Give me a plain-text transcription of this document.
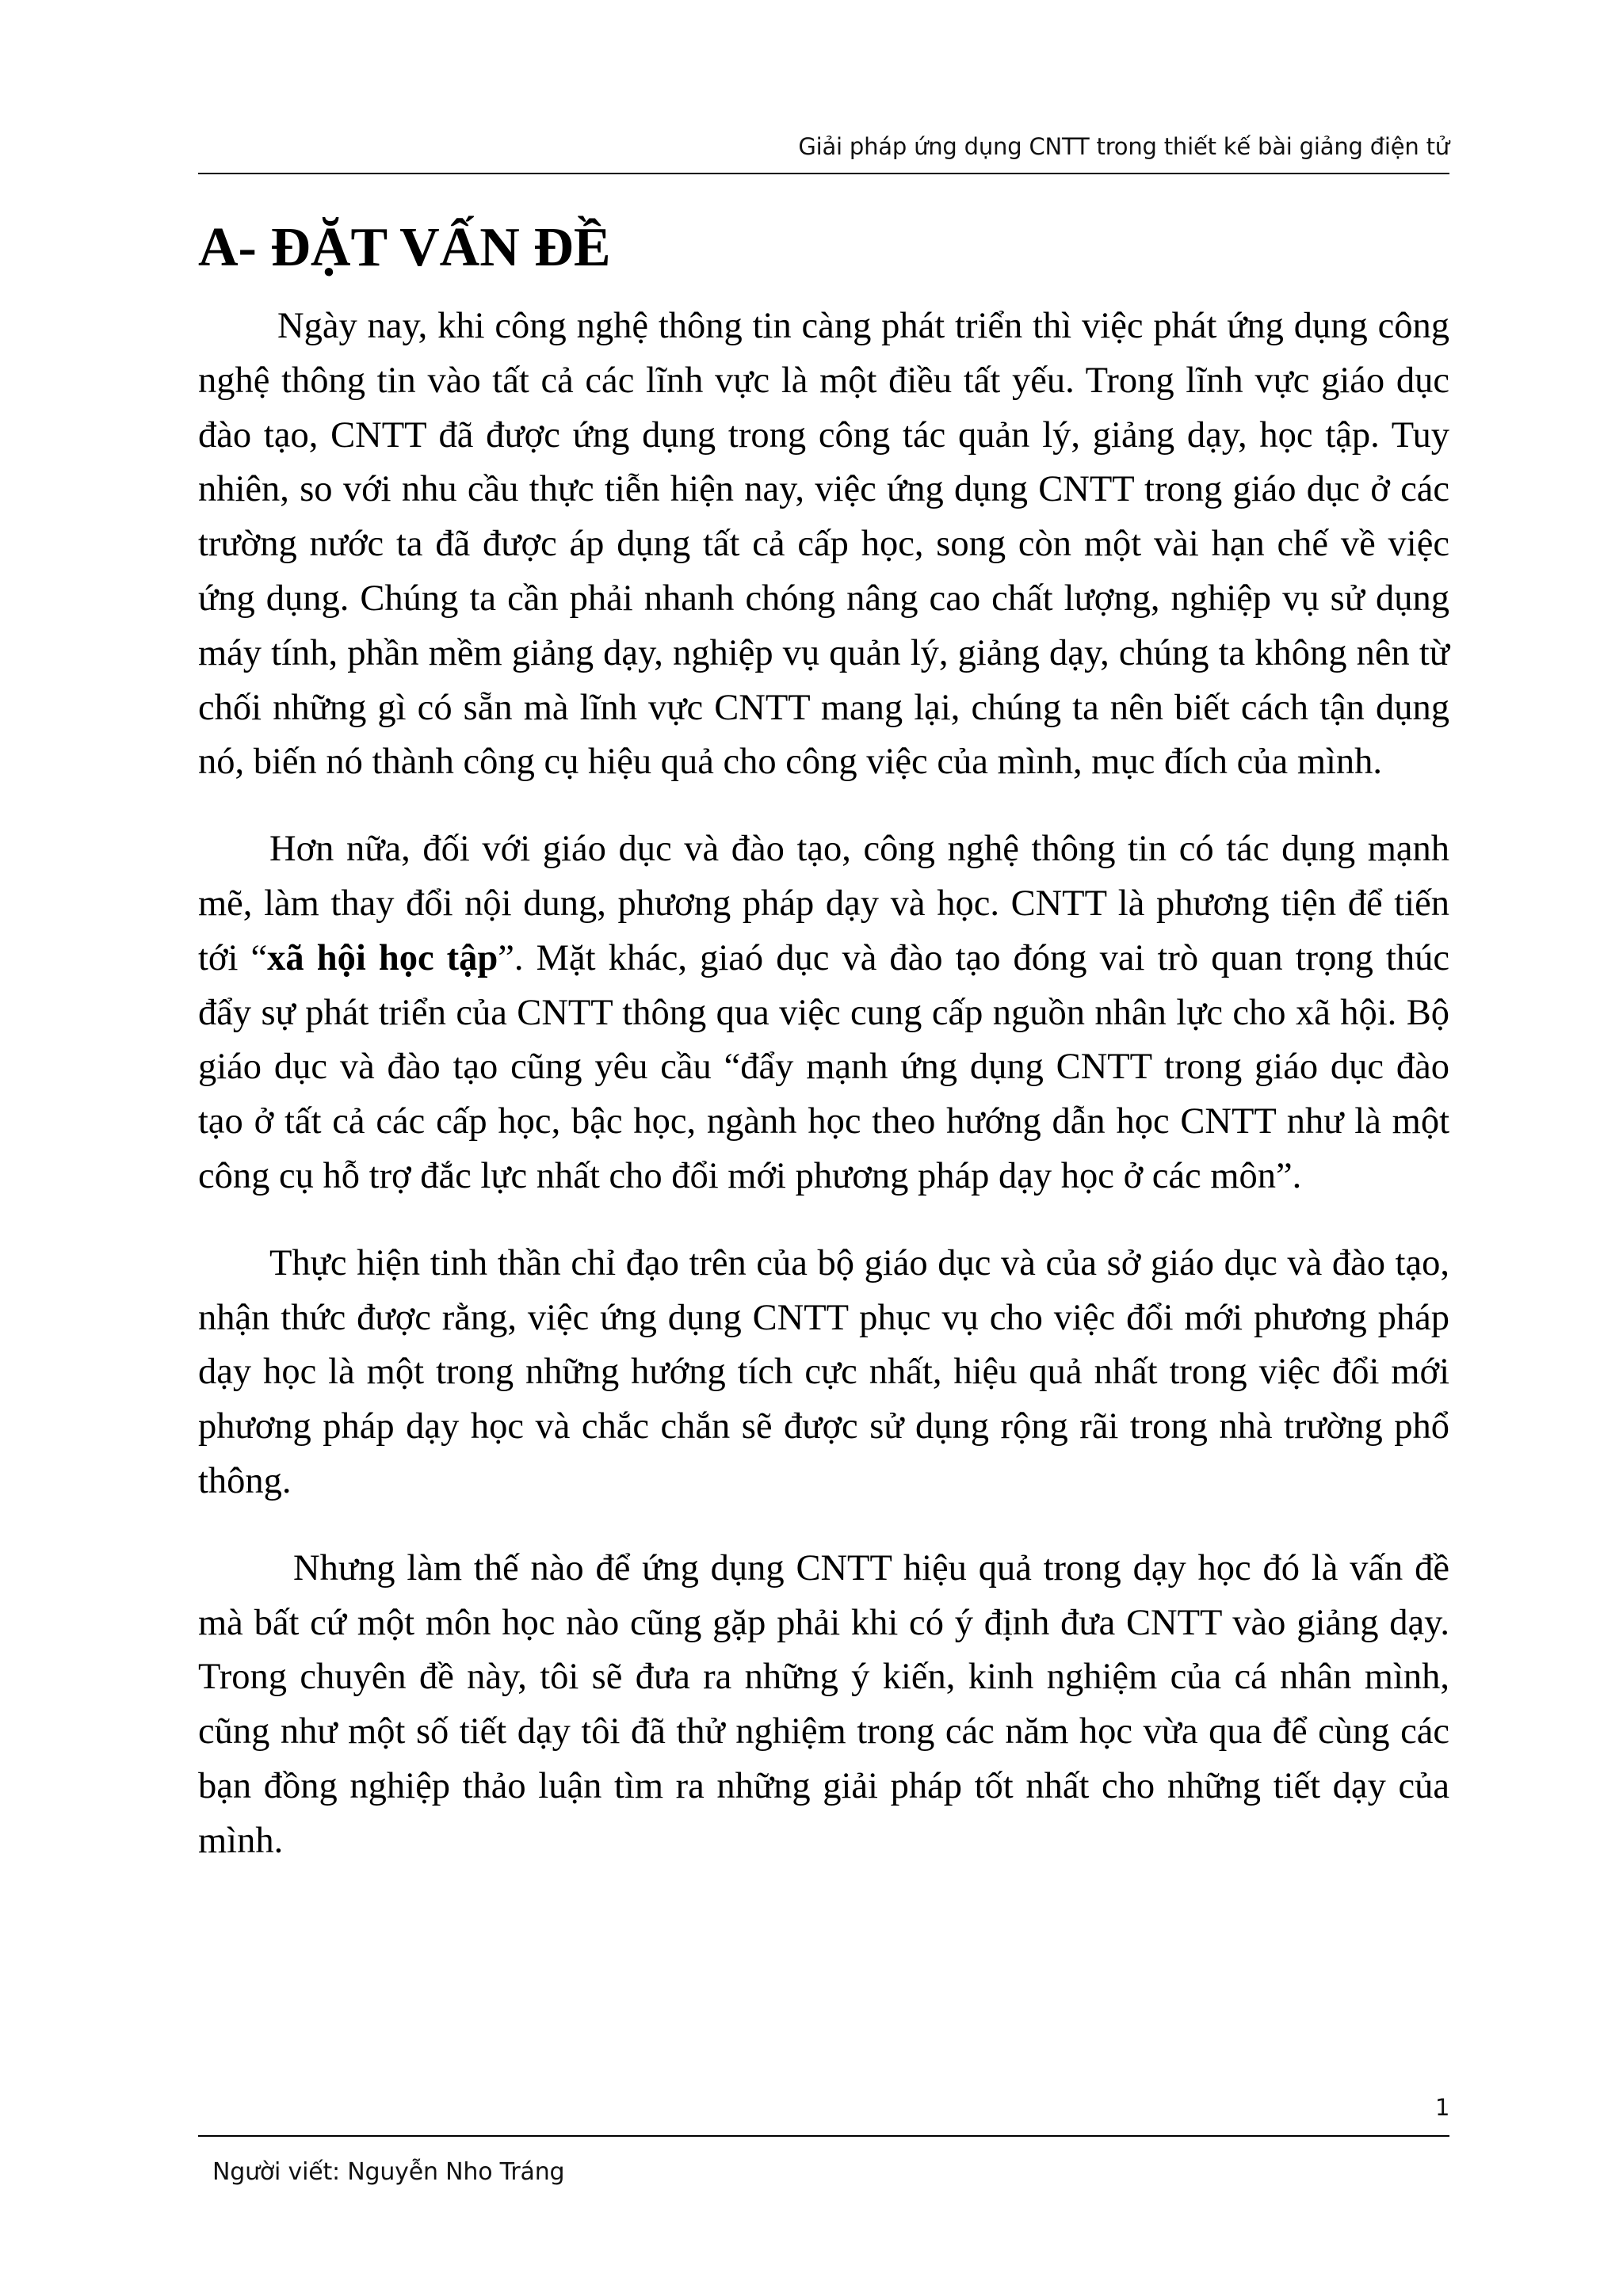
Giải pháp ứng dụng CNTT trong thiết kế bài giảng điện tử
A- ĐẶT VẤN ĐỀ

Ngày nay, khi công nghệ thông tin càng phát triển thì việc phát ứng dụng công nghệ thông tin vào tất cả các lĩnh vực là một điều tất yếu. Trong lĩnh vực giáo dục đào tạo, CNTT đã được ứng dụng trong công tác quản lý, giảng dạy, học tập. Tuy nhiên, so với nhu cầu thực tiễn hiện nay, việc ứng dụng CNTT trong giáo dục ở các trường nước ta đã được áp dụng tất cả cấp học, song còn một vài hạn chế về việc ứng dụng. Chúng ta cần phải nhanh chóng nâng cao chất lượng, nghiệp vụ sử dụng máy tính, phần mềm giảng dạy, nghiệp vụ quản lý, giảng dạy, chúng ta không nên từ chối những gì có sẵn mà lĩnh vực CNTT mang lại, chúng ta nên biết cách tận dụng nó, biến nó thành công cụ hiệu quả cho công việc của mình, mục đích của mình.

Hơn nữa, đối với giáo dục và đào tạo, công nghệ thông tin có tác dụng mạnh mẽ, làm thay đổi nội dung, phương pháp dạy và học. CNTT là phương tiện để tiến tới “xã hội học tập”. Mặt khác, giaó dục và đào tạo đóng vai trò quan trọng thúc đẩy sự phát triển của CNTT thông qua việc cung cấp nguồn nhân lực cho xã hội. Bộ giáo dục và đào tạo cũng yêu cầu “đẩy mạnh ứng dụng CNTT trong giáo dục đào tạo ở tất cả các cấp học, bậc học, ngành học theo hướng dẫn học CNTT như là một công cụ hỗ trợ đắc lực nhất cho đổi mới phương pháp dạy học ở các môn”.

Thực hiện tinh thần chỉ đạo trên của bộ giáo dục và của sở giáo dục và đào tạo, nhận thức được rằng, việc ứng dụng CNTT phục vụ cho việc đổi mới phương pháp dạy học là một trong những hướng tích cực nhất, hiệu quả nhất trong việc đổi mới phương pháp dạy học và chắc chắn sẽ được sử dụng rộng rãi trong nhà trường phổ thông.

Nhưng làm thế nào để ứng dụng CNTT hiệu quả trong dạy học đó là vấn đề mà bất cứ một môn học nào cũng gặp phải khi có ý định đưa CNTT vào giảng dạy. Trong chuyên đề này, tôi sẽ đưa ra những ý kiến, kinh nghiệm của cá nhân mình, cũng như một số tiết dạy tôi đã thử nghiệm trong các năm học vừa qua để cùng các bạn đồng nghiệp thảo luận tìm ra những giải pháp tốt nhất cho những tiết dạy của mình.

1
Người viết: Nguyễn Nho Tráng
